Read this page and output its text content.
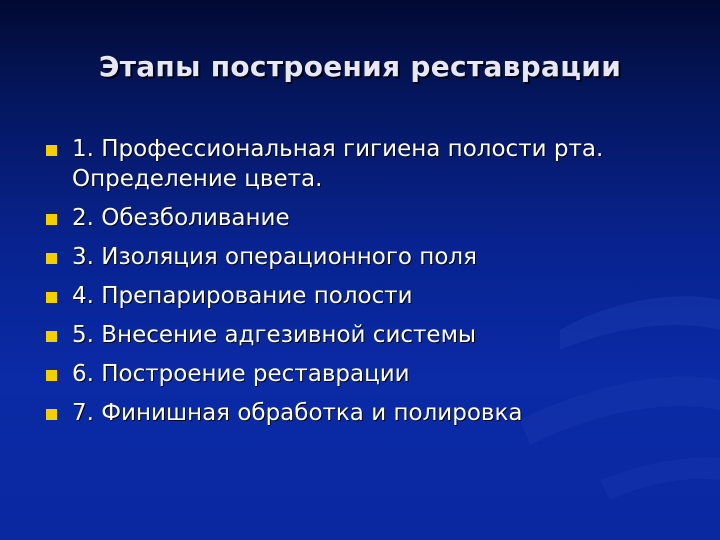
Этапы построения реставрации
1. Профессиональная гигиена полости рта. Определение цвета.
2. Обезболивание
3. Изоляция операционного поля
4. Препарирование полости
5. Внесение адгезивной системы
6. Построение реставрации
7. Финишная обработка и полировка
